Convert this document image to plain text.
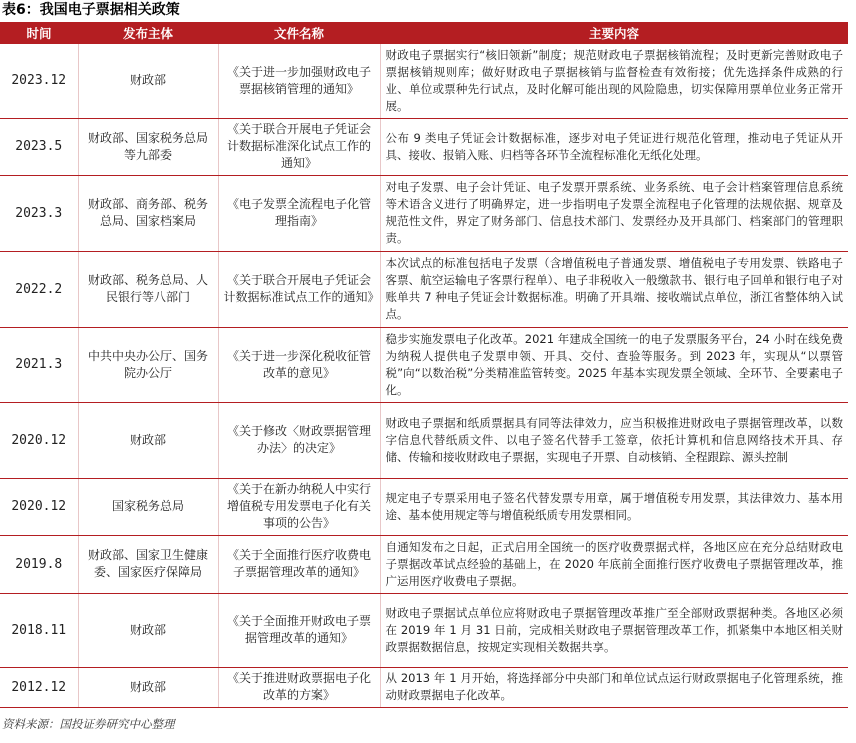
表6：我国电子票据相关政策
时间	发布主体	文件名称	主要内容
2023.12	财政部	《关于进一步加强财政电子票据核销管理的通知》	财政电子票据实行“核旧领新”制度；规范财政电子票据核销流程；及时更新完善财政电子票据核销规则库；做好财政电子票据核销与监督检查有效衔接；优先选择条件成熟的行业、单位或票种先行试点，及时化解可能出现的风险隐患，切实保障用票单位业务正常开展。
2023.5	财政部、国家税务总局等九部委	《关于联合开展电子凭证会计数据标准深化试点工作的通知》	公布 9 类电子凭证会计数据标准，逐步对电子凭证进行规范化管理，推动电子凭证从开具、接收、报销入账、归档等各环节全流程标准化无纸化处理。
2023.3	财政部、商务部、税务总局、国家档案局	《电子发票全流程电子化管理指南》	对电子发票、电子会计凭证、电子发票开票系统、业务系统、电子会计档案管理信息系统等术语含义进行了明确界定，进一步指明电子发票全流程电子化管理的法规依据、规章及规范性文件，界定了财务部门、信息技术部门、发票经办及开具部门、档案部门的管理职责。
2022.2	财政部、税务总局、人民银行等八部门	《关于联合开展电子凭证会计数据标准试点工作的通知》	本次试点的标准包括电子发票（含增值税电子普通发票、增值税电子专用发票、铁路电子客票、航空运输电子客票行程单）、电子非税收入一般缴款书、银行电子回单和银行电子对账单共 7 种电子凭证会计数据标准。明确了开具端、接收端试点单位，浙江省整体纳入试点。
2021.3	中共中央办公厅、国务院办公厅	《关于进一步深化税收征管改革的意见》	稳步实施发票电子化改革。2021 年建成全国统一的电子发票服务平台，24 小时在线免费为纳税人提供电子发票申领、开具、交付、查验等服务。到 2023 年，实现从“以票管税”向“以数治税”分类精准监管转变。2025 年基本实现发票全领域、全环节、全要素电子化。
2020.12	财政部	《关于修改〈财政票据管理办法〉的决定》	财政电子票据和纸质票据具有同等法律效力，应当积极推进财政电子票据管理改革，以数字信息代替纸质文件、以电子签名代替手工签章，依托计算机和信息网络技术开具、存储、传输和接收财政电子票据，实现电子开票、自动核销、全程跟踪、源头控制
2020.12	国家税务总局	《关于在新办纳税人中实行增值税专用发票电子化有关事项的公告》	规定电子专票采用电子签名代替发票专用章，属于增值税专用发票，其法律效力、基本用途、基本使用规定等与增值税纸质专用发票相同。
2019.8	财政部、国家卫生健康委、国家医疗保障局	《关于全面推行医疗收费电子票据管理改革的通知》	自通知发布之日起，正式启用全国统一的医疗收费票据式样，各地区应在充分总结财政电子票据改革试点经验的基础上，在 2020 年底前全面推行医疗收费电子票据管理改革，推广运用医疗收费电子票据。
2018.11	财政部	《关于全面推开财政电子票据管理改革的通知》	财政电子票据试点单位应将财政电子票据管理改革推广至全部财政票据种类。各地区必须在 2019 年 1 月 31 日前，完成相关财政电子票据管理改革工作，抓紧集中本地区相关财政票据数据信息，按规定实现相关数据共享。
2012.12	财政部	《关于推进财政票据电子化改革的方案》	从 2013 年 1 月开始，将选择部分中央部门和单位试点运行财政票据电子化管理系统，推动财政票据电子化改革。
资料来源：国投证券研究中心整理
